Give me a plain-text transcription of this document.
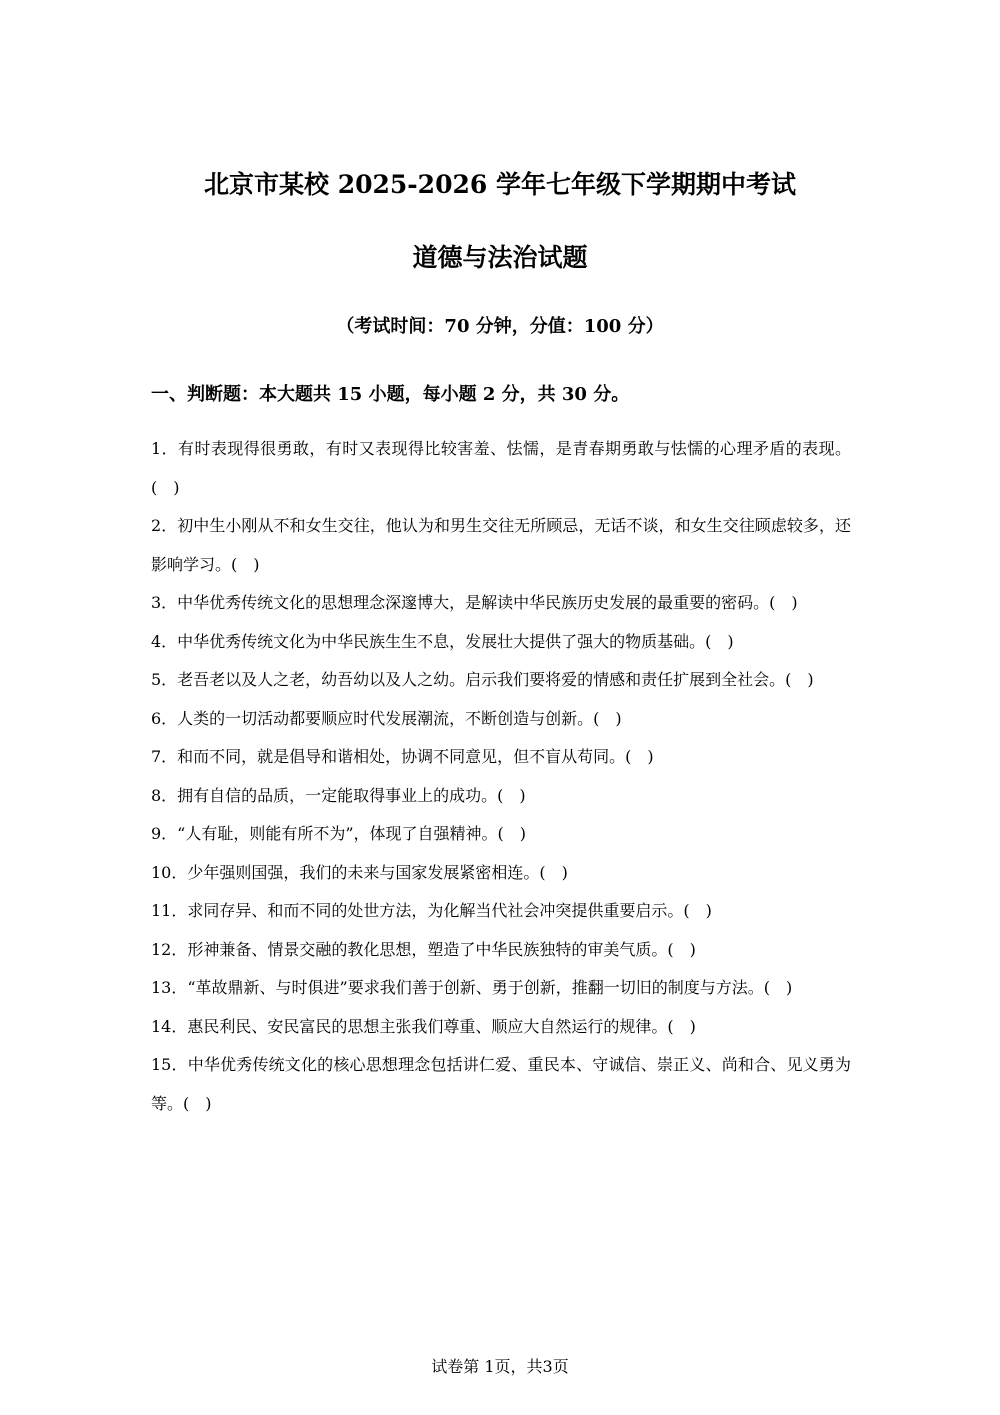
北京市某校 2025-2026 学年七年级下学期期中考试
道德与法治试题
（考试时间：70 分钟，分值：100 分）
一、判断题：本大题共 15 小题，每小题 2 分，共 30 分。
1．有时表现得很勇敢，有时又表现得比较害羞、怯懦，是青春期勇敢与怯懦的心理矛盾的表现。(　)
2．初中生小刚从不和女生交往，他认为和男生交往无所顾忌，无话不谈，和女生交往顾虑较多，还影响学习。(　)
3．中华优秀传统文化的思想理念深邃博大，是解读中华民族历史发展的最重要的密码。(　)
4．中华优秀传统文化为中华民族生生不息，发展壮大提供了强大的物质基础。(　)
5．老吾老以及人之老，幼吾幼以及人之幼。启示我们要将爱的情感和责任扩展到全社会。(　)
6．人类的一切活动都要顺应时代发展潮流，不断创造与创新。(　)
7．和而不同，就是倡导和谐相处，协调不同意见，但不盲从苟同。(　)
8．拥有自信的品质，一定能取得事业上的成功。(　)
9．“人有耻，则能有所不为”，体现了自强精神。(　)
10．少年强则国强，我们的未来与国家发展紧密相连。(　)
11．求同存异、和而不同的处世方法，为化解当代社会冲突提供重要启示。(　)
12．形神兼备、情景交融的教化思想，塑造了中华民族独特的审美气质。(　)
13．“革故鼎新、与时俱进”要求我们善于创新、勇于创新，推翻一切旧的制度与方法。(　)
14．惠民利民、安民富民的思想主张我们尊重、顺应大自然运行的规律。(　)
15．中华优秀传统文化的核心思想理念包括讲仁爱、重民本、守诚信、崇正义、尚和合、见义勇为等。(　)
试卷第 1页，共3页
